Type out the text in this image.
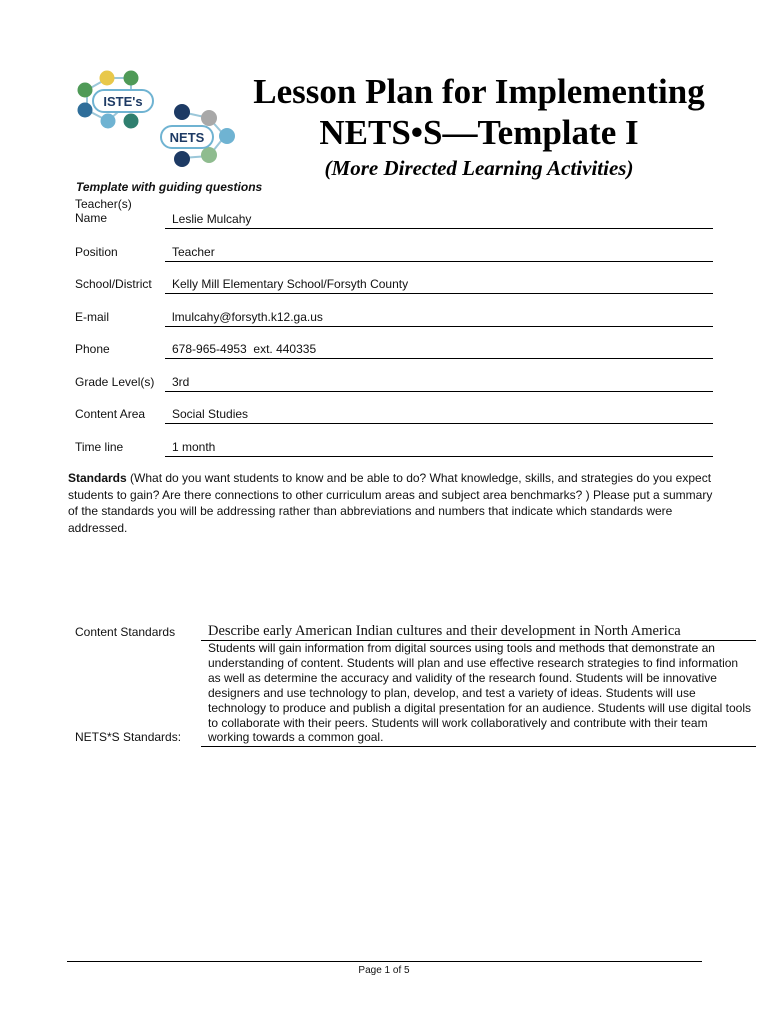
ISTE's
NETS
Lesson Plan for Implementing
NETS•S—Template I
(More Directed Learning Activities)
Template with guiding questions
Teacher(s)
Name	Leslie Mulcahy
Position	Teacher
School/District	Kelly Mill Elementary School/Forsyth County
E-mail	lmulcahy@forsyth.k12.ga.us
Phone	678-965-4953  ext. 440335
Grade Level(s)	3rd
Content Area	Social Studies
Time line	1 month
Standards (What do you want students to know and be able to do? What knowledge, skills, and strategies do you expect students to gain? Are there connections to other curriculum areas and subject area benchmarks? ) Please put a summary of the standards you will be addressing rather than abbreviations and numbers that indicate which standards were addressed.
Content Standards	Describe early American Indian cultures and their development in North America
NETS*S Standards:
Students will gain information from digital sources using tools and methods that demonstrate an understanding of content. Students will plan and use effective research strategies to find information as well as determine the accuracy and validity of the research found. Students will be innovative designers and use technology to plan, develop, and test a variety of ideas. Students will use technology to produce and publish a digital presentation for an audience. Students will use digital tools to collaborate with their peers. Students will work collaboratively and contribute with their team working towards a common goal.
Page 1 of 5
